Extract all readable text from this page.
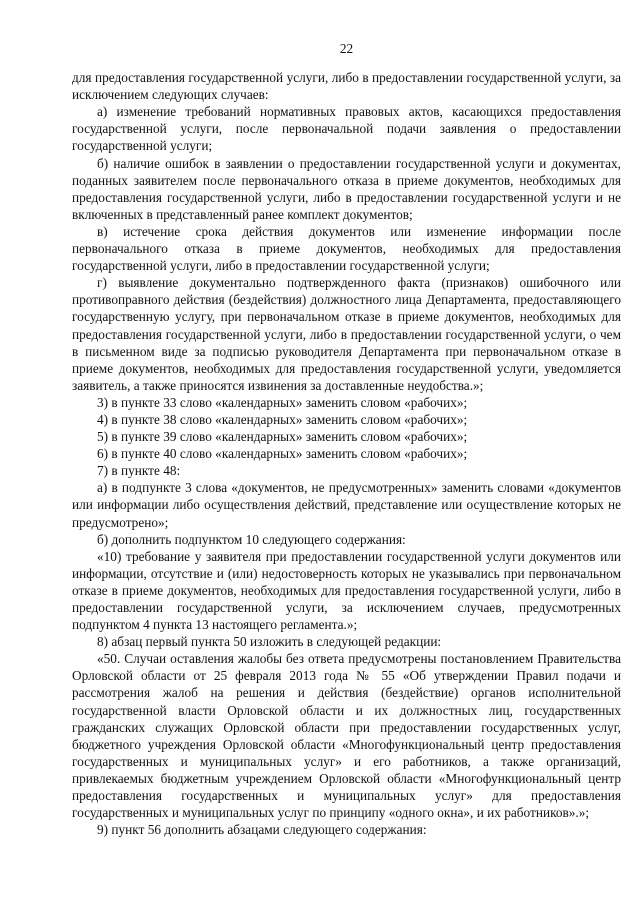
22

для предоставления государственной услуги, либо в предоставлении государственной услуги, за исключением следующих случаев:

а) изменение требований нормативных правовых актов, касающихся предоставления государственной услуги, после первоначальной подачи заявления о предоставлении государственной услуги;

б) наличие ошибок в заявлении о предоставлении государственной услуги и документах, поданных заявителем после первоначального отказа в приеме документов, необходимых для предоставления государственной услуги, либо в предоставлении государственной услуги и не включенных в представленный ранее комплект документов;

в) истечение срока действия документов или изменение информации после первоначального отказа в приеме документов, необходимых для предоставления государственной услуги, либо в предоставлении государственной услуги;

г) выявление документально подтвержденного факта (признаков) ошибочного или противоправного действия (бездействия) должностного лица Департамента, предоставляющего государственную услугу, при первоначальном отказе в приеме документов, необходимых для предоставления государственной услуги, либо в предоставлении государственной услуги, о чем в письменном виде за подписью руководителя Департамента при первоначальном отказе в приеме документов, необходимых для предоставления государственной услуги, уведомляется заявитель, а также приносятся извинения за доставленные неудобства.»;

3) в пункте 33 слово «календарных» заменить словом «рабочих»;

4) в пункте 38 слово «календарных» заменить словом «рабочих»;

5) в пункте 39 слово «календарных» заменить словом «рабочих»;

6) в пункте 40 слово «календарных» заменить словом «рабочих»;

7) в пункте 48:

а) в подпункте 3 слова «документов, не предусмотренных» заменить словами «документов или информации либо осуществления действий, представление или осуществление которых не предусмотрено»;

б) дополнить подпунктом 10 следующего содержания:

«10) требование у заявителя при предоставлении государственной услуги документов или информации, отсутствие и (или) недостоверность которых не указывались при первоначальном отказе в приеме документов, необходимых для предоставления государственной услуги, либо в предоставлении государственной услуги, за исключением случаев, предусмотренных подпунктом 4 пункта 13 настоящего регламента.»;

8) абзац первый пункта 50 изложить в следующей редакции:

«50. Случаи оставления жалобы без ответа предусмотрены постановлением Правительства Орловской области от 25 февраля 2013 года № 55 «Об утверждении Правил подачи и рассмотрения жалоб на решения и действия (бездействие) органов исполнительной государственной власти Орловской области и их должностных лиц, государственных гражданских служащих Орловской области при предоставлении государственных услуг, бюджетного учреждения Орловской области «Многофункциональный центр предоставления государственных и муниципальных услуг» и его работников, а также организаций, привлекаемых бюджетным учреждением Орловской области «Многофункциональный центр предоставления государственных и муниципальных услуг» для предоставления государственных и муниципальных услуг по принципу «одного окна», и их работников».»;

9) пункт 56 дополнить абзацами следующего содержания:
